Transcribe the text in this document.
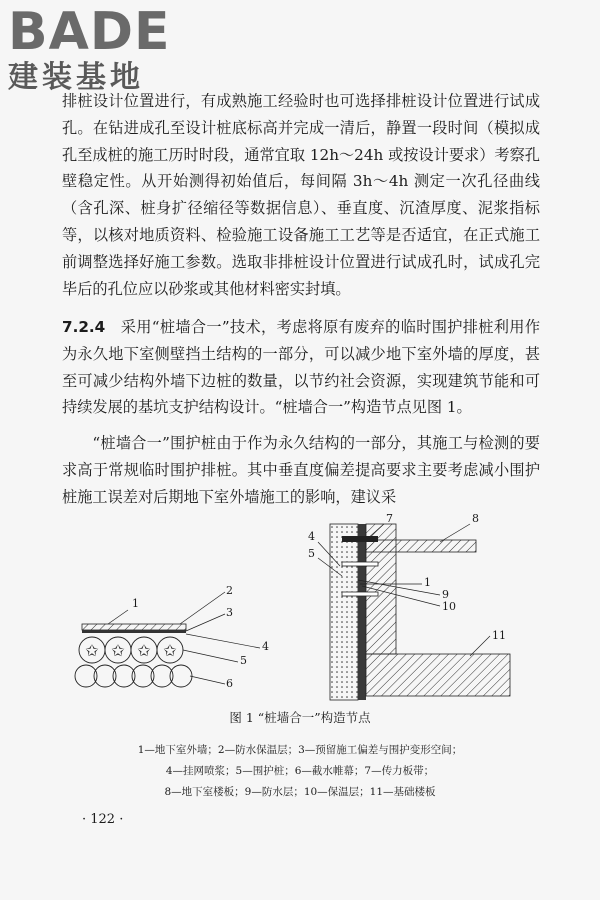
BADE
建装基地

排桩设计位置进行，有成熟施工经验时也可选择排桩设计位置进行试成孔。在钻进成孔至设计桩底标高并完成一清后，静置一段时间（模拟成孔至成桩的施工历时时段，通常宜取 12h～24h 或按设计要求）考察孔壁稳定性。从开始测得初始值后，每间隔 3h～4h 测定一次孔径曲线（含孔深、桩身扩径缩径等数据信息）、垂直度、沉渣厚度、泥浆指标等，以核对地质资料、检验施工设备施工工艺等是否适宜，在正式施工前调整选择好施工参数。选取非排桩设计位置进行试成孔时，试成孔完毕后的孔位应以砂浆或其他材料密实封填。

7.2.4 采用“桩墙合一”技术，考虑将原有废弃的临时围护排桩利用作为永久地下室侧壁挡土结构的一部分，可以减少地下室外墙的厚度，甚至可减少结构外墙下边桩的数量，以节约社会资源，实现建筑节能和可持续发展的基坑支护结构设计。“桩墙合一”构造节点见图 1。

“桩墙合一”围护桩由于作为永久结构的一部分，其施工与检测的要求高于常规临时围护排桩。其中垂直度偏差提高要求主要考虑减小围护桩施工误差对后期地下室外墙施工的影响，建议采

✩ ✩ ✩ ✩
1
2
3
4
5
6
7	8
4
5
1
9
10
11
图 1 “桩墙合一”构造节点
1—地下室外墙；2—防水保温层；3—预留施工偏差与围护变形空间；
4—挂网喷浆；5—围护桩；6—截水帷幕；7—传力板带；
8—地下室楼板；9—防水层；10—保温层；11—基础楼板
· 122 ·
